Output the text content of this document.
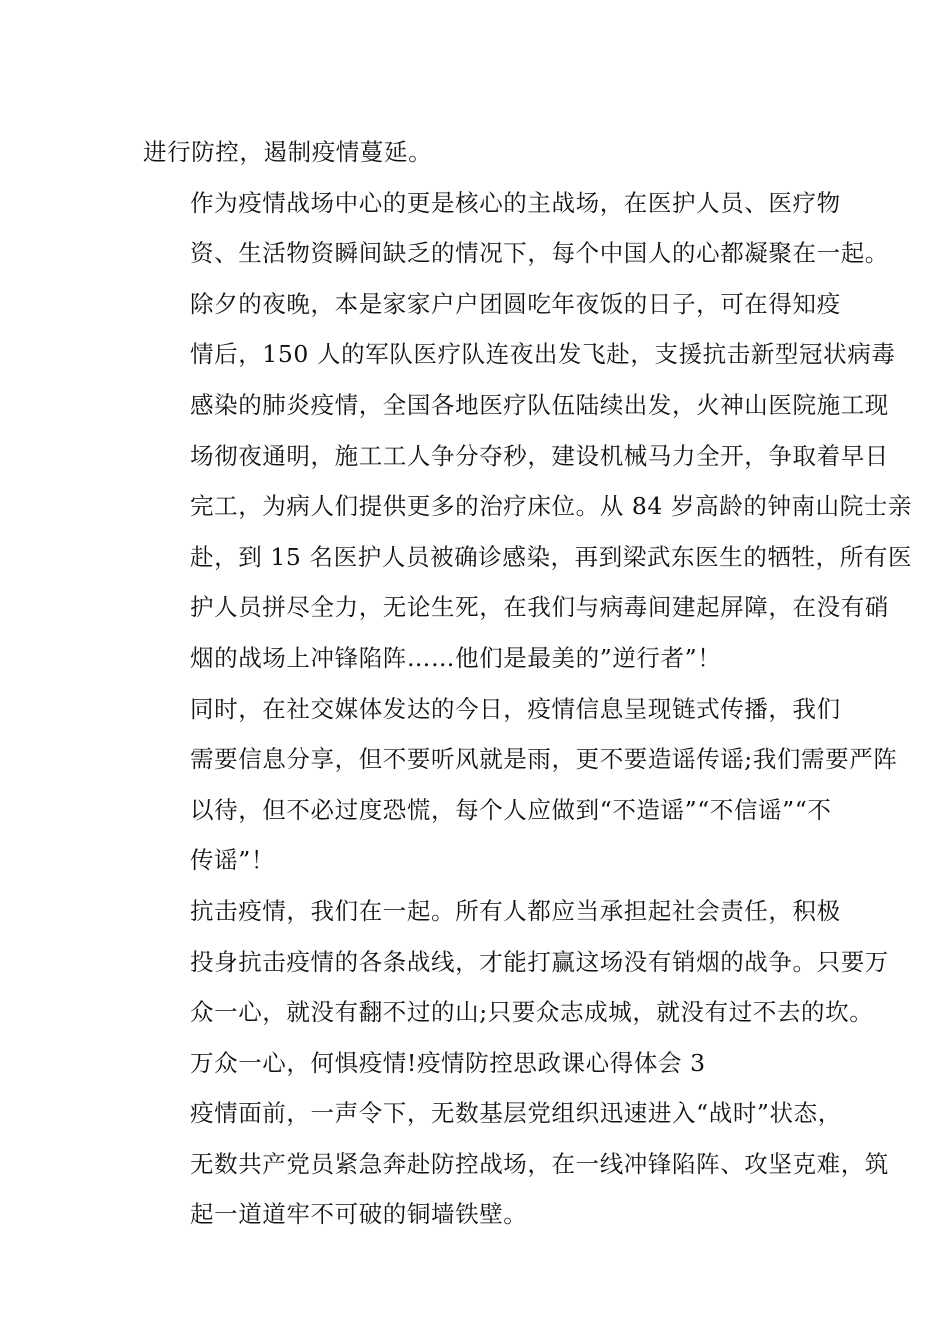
进行防控，遏制疫情蔓延。

作为疫情战场中心的更是核心的主战场，在医护人员、医疗物
资、生活物资瞬间缺乏的情况下，每个中国人的心都凝聚在一起。

除夕的夜晚，本是家家户户团圆吃年夜饭的日子，可在得知疫
情后，150 人的军队医疗队连夜出发飞赴，支援抗击新型冠状病毒
感染的肺炎疫情，全国各地医疗队伍陆续出发，火神山医院施工现
场彻夜通明，施工工人争分夺秒，建设机械马力全开，争取着早日
完工，为病人们提供更多的治疗床位。从 84 岁高龄的钟南山院士亲
赴，到 15 名医护人员被确诊感染，再到梁武东医生的牺牲，所有医
护人员拼尽全力，无论生死，在我们与病毒间建起屏障，在没有硝
烟的战场上冲锋陷阵……他们是最美的”逆行者”！

同时，在社交媒体发达的今日，疫情信息呈现链式传播，我们
需要信息分享，但不要听风就是雨，更不要造谣传谣;我们需要严阵
以待，但不必过度恐慌，每个人应做到“不造谣”“不信谣”“不
传谣”！

抗击疫情，我们在一起。所有人都应当承担起社会责任，积极
投身抗击疫情的各条战线，才能打赢这场没有销烟的战争。只要万
众一心，就没有翻不过的山;只要众志成城，就没有过不去的坎。

万众一心，何惧疫情!疫情防控思政课心得体会 3

疫情面前，一声令下，无数基层党组织迅速进入“战时”状态，
无数共产党员紧急奔赴防控战场，在一线冲锋陷阵、攻坚克难，筑
起一道道牢不可破的铜墙铁壁。
